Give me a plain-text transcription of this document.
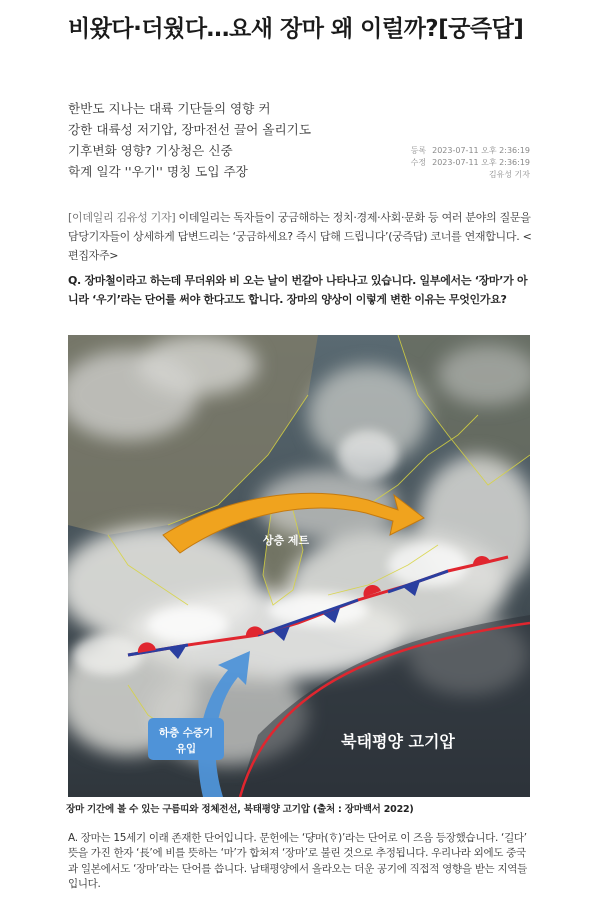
비왔다·더웠다…요새 장마 왜 이럴까?[궁즉답]
한반도 지나는 대륙 기단들의 영향 커
강한 대륙성 저기압, 장마전선 끌어 올리기도
기후변화 영향? 기상청은 신중
학계 일각 ''우기'' 명칭 도입 주장
등록 2023-07-11 오후 2:36:19
수정 2023-07-11 오후 2:36:19
김유성 기자
[이데일리 김유성 기자] 이데일리는 독자들이 궁금해하는 정치·경제·사회·문화 등 여러 분야의 질문을 담당기자들이 상세하게 답변드리는 ‘궁금하세요? 즉시 답해 드립니다’(궁즉답) 코너를 연재합니다. <편집자주>
Q. 장마철이라고 하는데 무더위와 비 오는 날이 번갈아 나타나고 있습니다. 일부에서는 ‘장마’가 아니라 ‘우기’라는 단어를 써야 한다고도 합니다. 장마의 양상이 이렇게 변한 이유는 무엇인가요?
상층 제트
하층 수증기
유입	북태평양 고기압
장마 기간에 볼 수 있는 구름띠와 정체전선, 북태평양 고기압 (출처 : 장마백서 2022)
A. 장마는 15세기 이래 존재한 단어입니다. 문헌에는 ‘댱마(ᄒᆞ)’라는 단어로 이 즈음 등장했습니다. ‘길다’ 뜻을 가진 한자 ‘長’에 비를 뜻하는 ‘마’가 합쳐져 ‘장마’로 불린 것으로 추정됩니다. 우리나라 외에도 중국과 일본에서도 ‘장마’라는 단어를 씁니다. 남태평양에서 올라오는 더운 공기에 직접적 영향을 받는 지역들입니다.
